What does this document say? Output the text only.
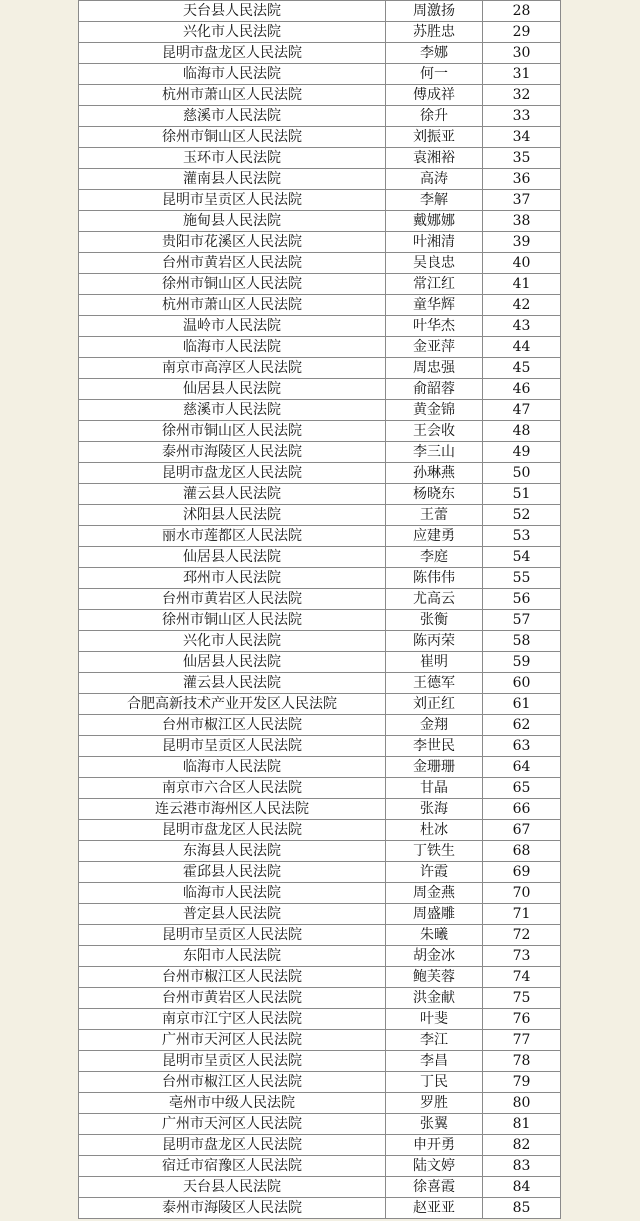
天台县人民法院	周激扬	28
兴化市人民法院	苏胜忠	29
昆明市盘龙区人民法院	李娜	30
临海市人民法院	何一	31
杭州市萧山区人民法院	傅成祥	32
慈溪市人民法院	徐升	33
徐州市铜山区人民法院	刘振亚	34
玉环市人民法院	袁湘裕	35
灌南县人民法院	高涛	36
昆明市呈贡区人民法院	李解	37
施甸县人民法院	戴娜娜	38
贵阳市花溪区人民法院	叶湘清	39
台州市黄岩区人民法院	吴良忠	40
徐州市铜山区人民法院	常江红	41
杭州市萧山区人民法院	童华辉	42
温岭市人民法院	叶华杰	43
临海市人民法院	金亚萍	44
南京市高淳区人民法院	周忠强	45
仙居县人民法院	俞韶蓉	46
慈溪市人民法院	黄金锦	47
徐州市铜山区人民法院	王会收	48
泰州市海陵区人民法院	李三山	49
昆明市盘龙区人民法院	孙琳燕	50
灌云县人民法院	杨晓东	51
沭阳县人民法院	王蕾	52
丽水市莲都区人民法院	应建勇	53
仙居县人民法院	李庭	54
邳州市人民法院	陈伟伟	55
台州市黄岩区人民法院	尤高云	56
徐州市铜山区人民法院	张衡	57
兴化市人民法院	陈丙荣	58
仙居县人民法院	崔明	59
灌云县人民法院	王德军	60
合肥高新技术产业开发区人民法院	刘正红	61
台州市椒江区人民法院	金翔	62
昆明市呈贡区人民法院	李世民	63
临海市人民法院	金珊珊	64
南京市六合区人民法院	甘晶	65
连云港市海州区人民法院	张海	66
昆明市盘龙区人民法院	杜冰	67
东海县人民法院	丁铁生	68
霍邱县人民法院	许霞	69
临海市人民法院	周金燕	70
普定县人民法院	周盛雕	71
昆明市呈贡区人民法院	朱曦	72
东阳市人民法院	胡金冰	73
台州市椒江区人民法院	鲍芙蓉	74
台州市黄岩区人民法院	洪金献	75
南京市江宁区人民法院	叶斐	76
广州市天河区人民法院	李江	77
昆明市呈贡区人民法院	李昌	78
台州市椒江区人民法院	丁民	79
亳州市中级人民法院	罗胜	80
广州市天河区人民法院	张翼	81
昆明市盘龙区人民法院	申开勇	82
宿迁市宿豫区人民法院	陆文婷	83
天台县人民法院	徐喜霞	84
泰州市海陵区人民法院	赵亚亚	85
